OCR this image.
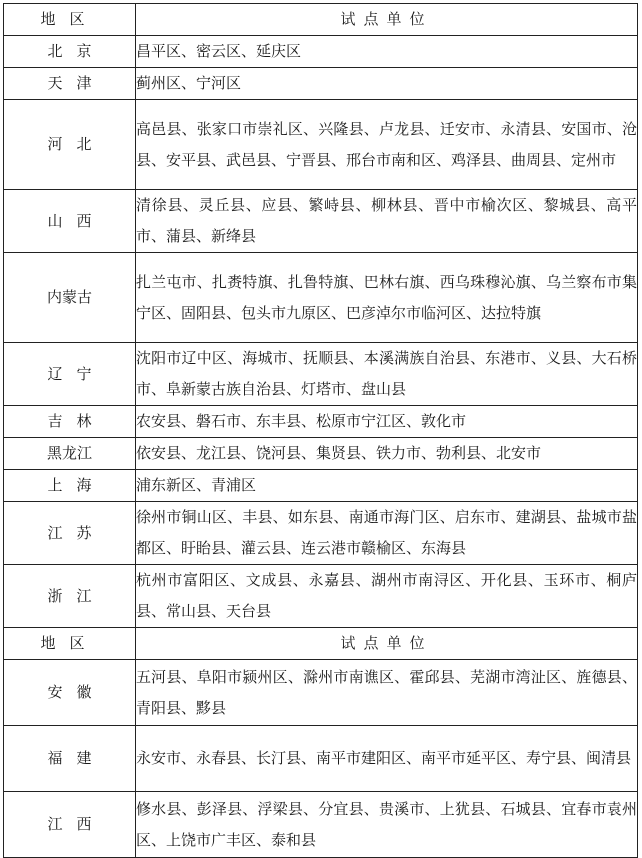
地区	试点单位
北京	昌平区、密云区、延庆区
天津	蓟州区、宁河区
河北	高邑县、张家口市崇礼区、兴隆县、卢龙县、迁安市、永清县、安国市、沧县、安平县、武邑县、宁晋县、邢台市南和区、鸡泽县、曲周县、定州市
山西	清徐县、灵丘县、应县、繁峙县、柳林县、晋中市榆次区、黎城县、高平市、蒲县、新绛县
内蒙古	扎兰屯市、扎赉特旗、扎鲁特旗、巴林右旗、西乌珠穆沁旗、乌兰察布市集宁区、固阳县、包头市九原区、巴彦淖尔市临河区、达拉特旗
辽宁	沈阳市辽中区、海城市、抚顺县、本溪满族自治县、东港市、义县、大石桥市、阜新蒙古族自治县、灯塔市、盘山县
吉林	农安县、磐石市、东丰县、松原市宁江区、敦化市
黑龙江	依安县、龙江县、饶河县、集贤县、铁力市、勃利县、北安市
上海	浦东新区、青浦区
江苏	徐州市铜山区、丰县、如东县、南通市海门区、启东市、建湖县、盐城市盐都区、盱眙县、灌云县、连云港市赣榆区、东海县
浙江	杭州市富阳区、文成县、永嘉县、湖州市南浔区、开化县、玉环市、桐庐县、常山县、天台县
地区	试点单位
安徽	五河县、阜阳市颍州区、滁州市南谯区、霍邱县、芜湖市湾沚区、旌德县、青阳县、黟县
福建	永安市、永春县、长汀县、南平市建阳区、南平市延平区、寿宁县、闽清县
江西	修水县、彭泽县、浮梁县、分宜县、贵溪市、上犹县、石城县、宜春市袁州区、上饶市广丰区、泰和县
